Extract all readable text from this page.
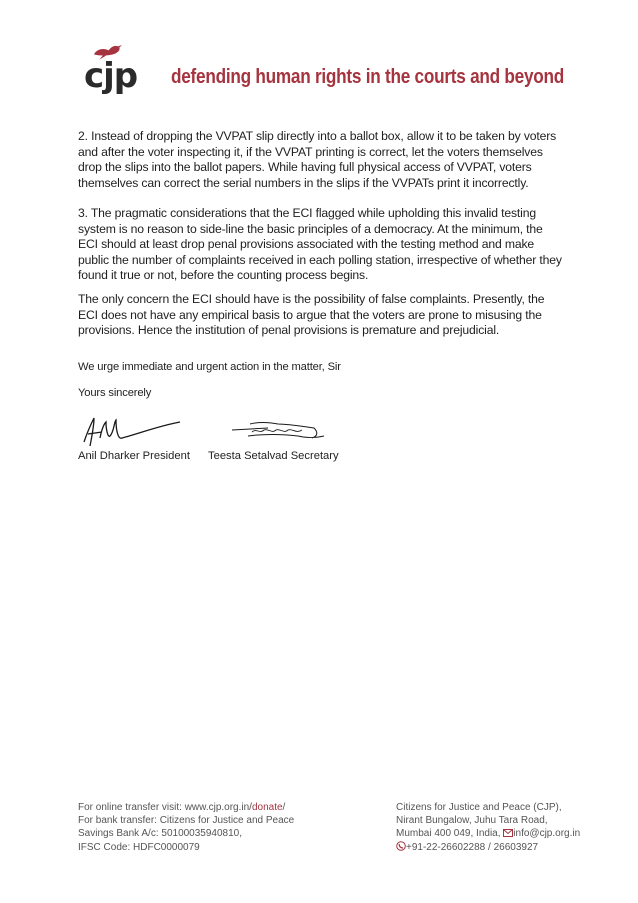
cjp defending human rights in the courts and beyond

2. Instead of dropping the VVPAT slip directly into a ballot box, allow it to be taken by voters and after the voter inspecting it, if the VVPAT printing is correct, let the voters themselves drop the slips into the ballot papers. While having full physical access of VVPAT, voters themselves can correct the serial numbers in the slips if the VVPATs print it incorrectly.

3. The pragmatic considerations that the ECI flagged while upholding this invalid testing system is no reason to side-line the basic principles of a democracy. At the minimum, the ECI should at least drop penal provisions associated with the testing method and make public the number of complaints received in each polling station, irrespective of whether they found it true or not, before the counting process begins.

The only concern the ECI should have is the possibility of false complaints. Presently, the ECI does not have any empirical basis to argue that the voters are prone to misusing the provisions. Hence the institution of penal provisions is premature and prejudicial.

We urge immediate and urgent action in the matter, Sir

Yours sincerely

Anil Dharker President Teesta Setalvad Secretary
For online transfer visit: www.cjp.org.in/donate/
For bank transfer: Citizens for Justice and Peace
Savings Bank A/c: 50100035940810,
IFSC Code: HDFC0000079
Citizens for Justice and Peace (CJP),
Nirant Bungalow, Juhu Tara Road,
Mumbai 400 049, India, info@cjp.org.in
+91-22-26602288 / 26603927
